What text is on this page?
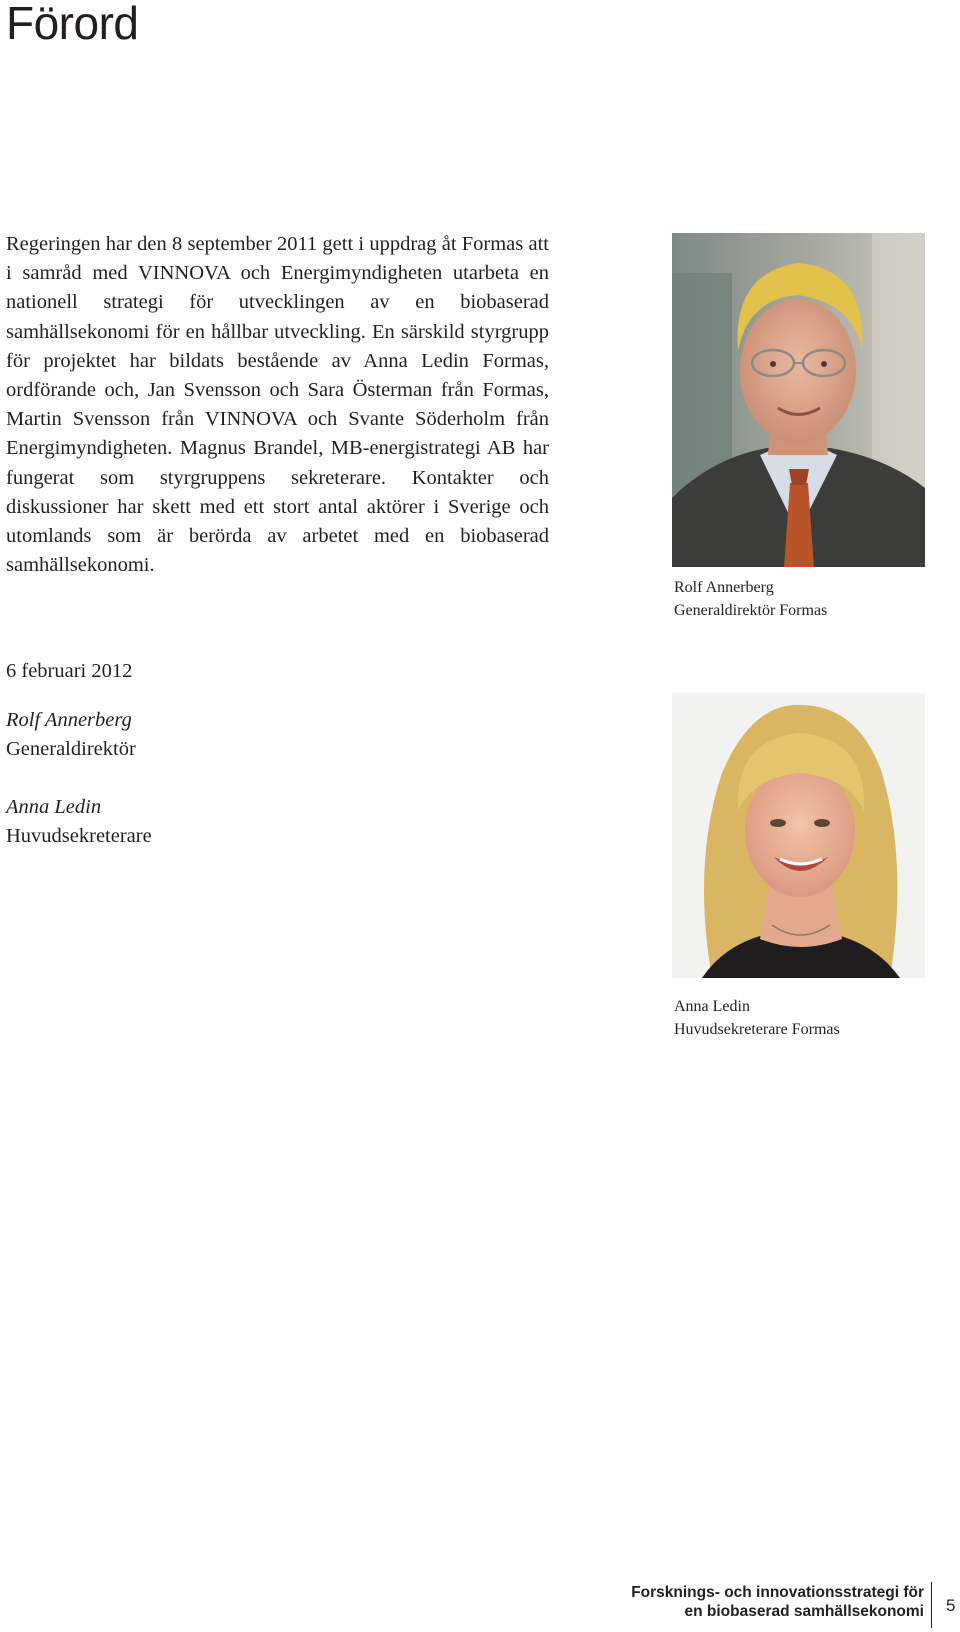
Förord

Regeringen har den 8 september 2011 gett i uppdrag åt Formas att i samråd med VINNOVA och Energimyndigheten utarbeta en nationell strategi för utvecklingen av en biobaserad samhällsekonomi för en hållbar utveckling. En särskild styrgrupp för projektet har bildats bestående av Anna Ledin Formas, ordförande och, Jan Svensson och Sara Österman från Formas, Martin Svensson från VINNOVA och Svante Söderholm från Energimyndigheten. Magnus Brandel, MB-energistrategi AB har fungerat som styrgruppens sekreterare. Kontakter och diskussioner har skett med ett stort antal aktörer i Sverige och utomlands som är berörda av arbetet med en biobaserad samhällsekonomi.

6 februari 2012
Rolf Annerberg
Generaldirektör
Anna Ledin
Huvudsekreterare
Rolf Annerberg
Generaldirektör Formas
Anna Ledin
Huvudsekreterare Formas
Forsknings- och innovationsstrategi för
en biobaserad samhällsekonomi 5
